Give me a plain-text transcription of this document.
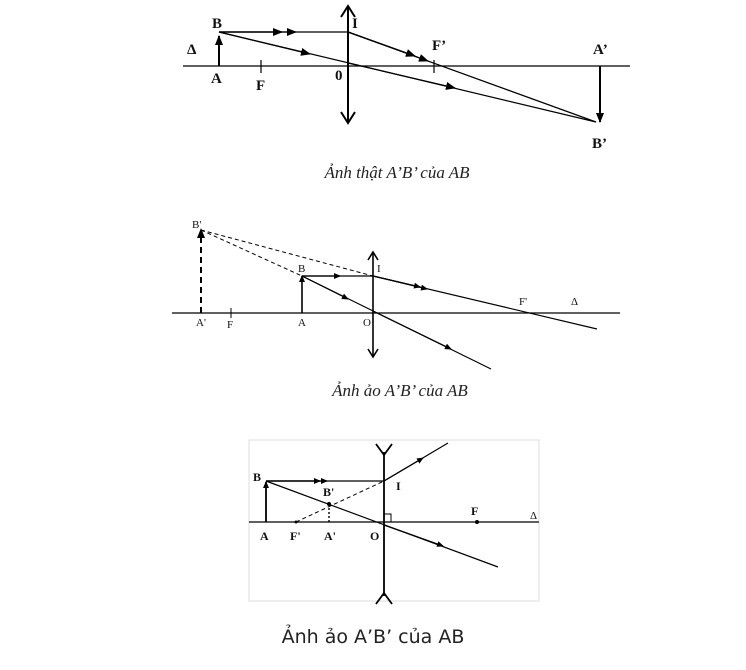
B	I
F’	A’
Δ
A F
0
B’
Ảnh thật A’B’ của AB
B'
I
B
F'	Δ
A' F	A	O
Ảnh ảo A’B’ của AB
B
B'	I
F	Δ
A F' A'	O
Ảnh ảo A’B’ của AB
